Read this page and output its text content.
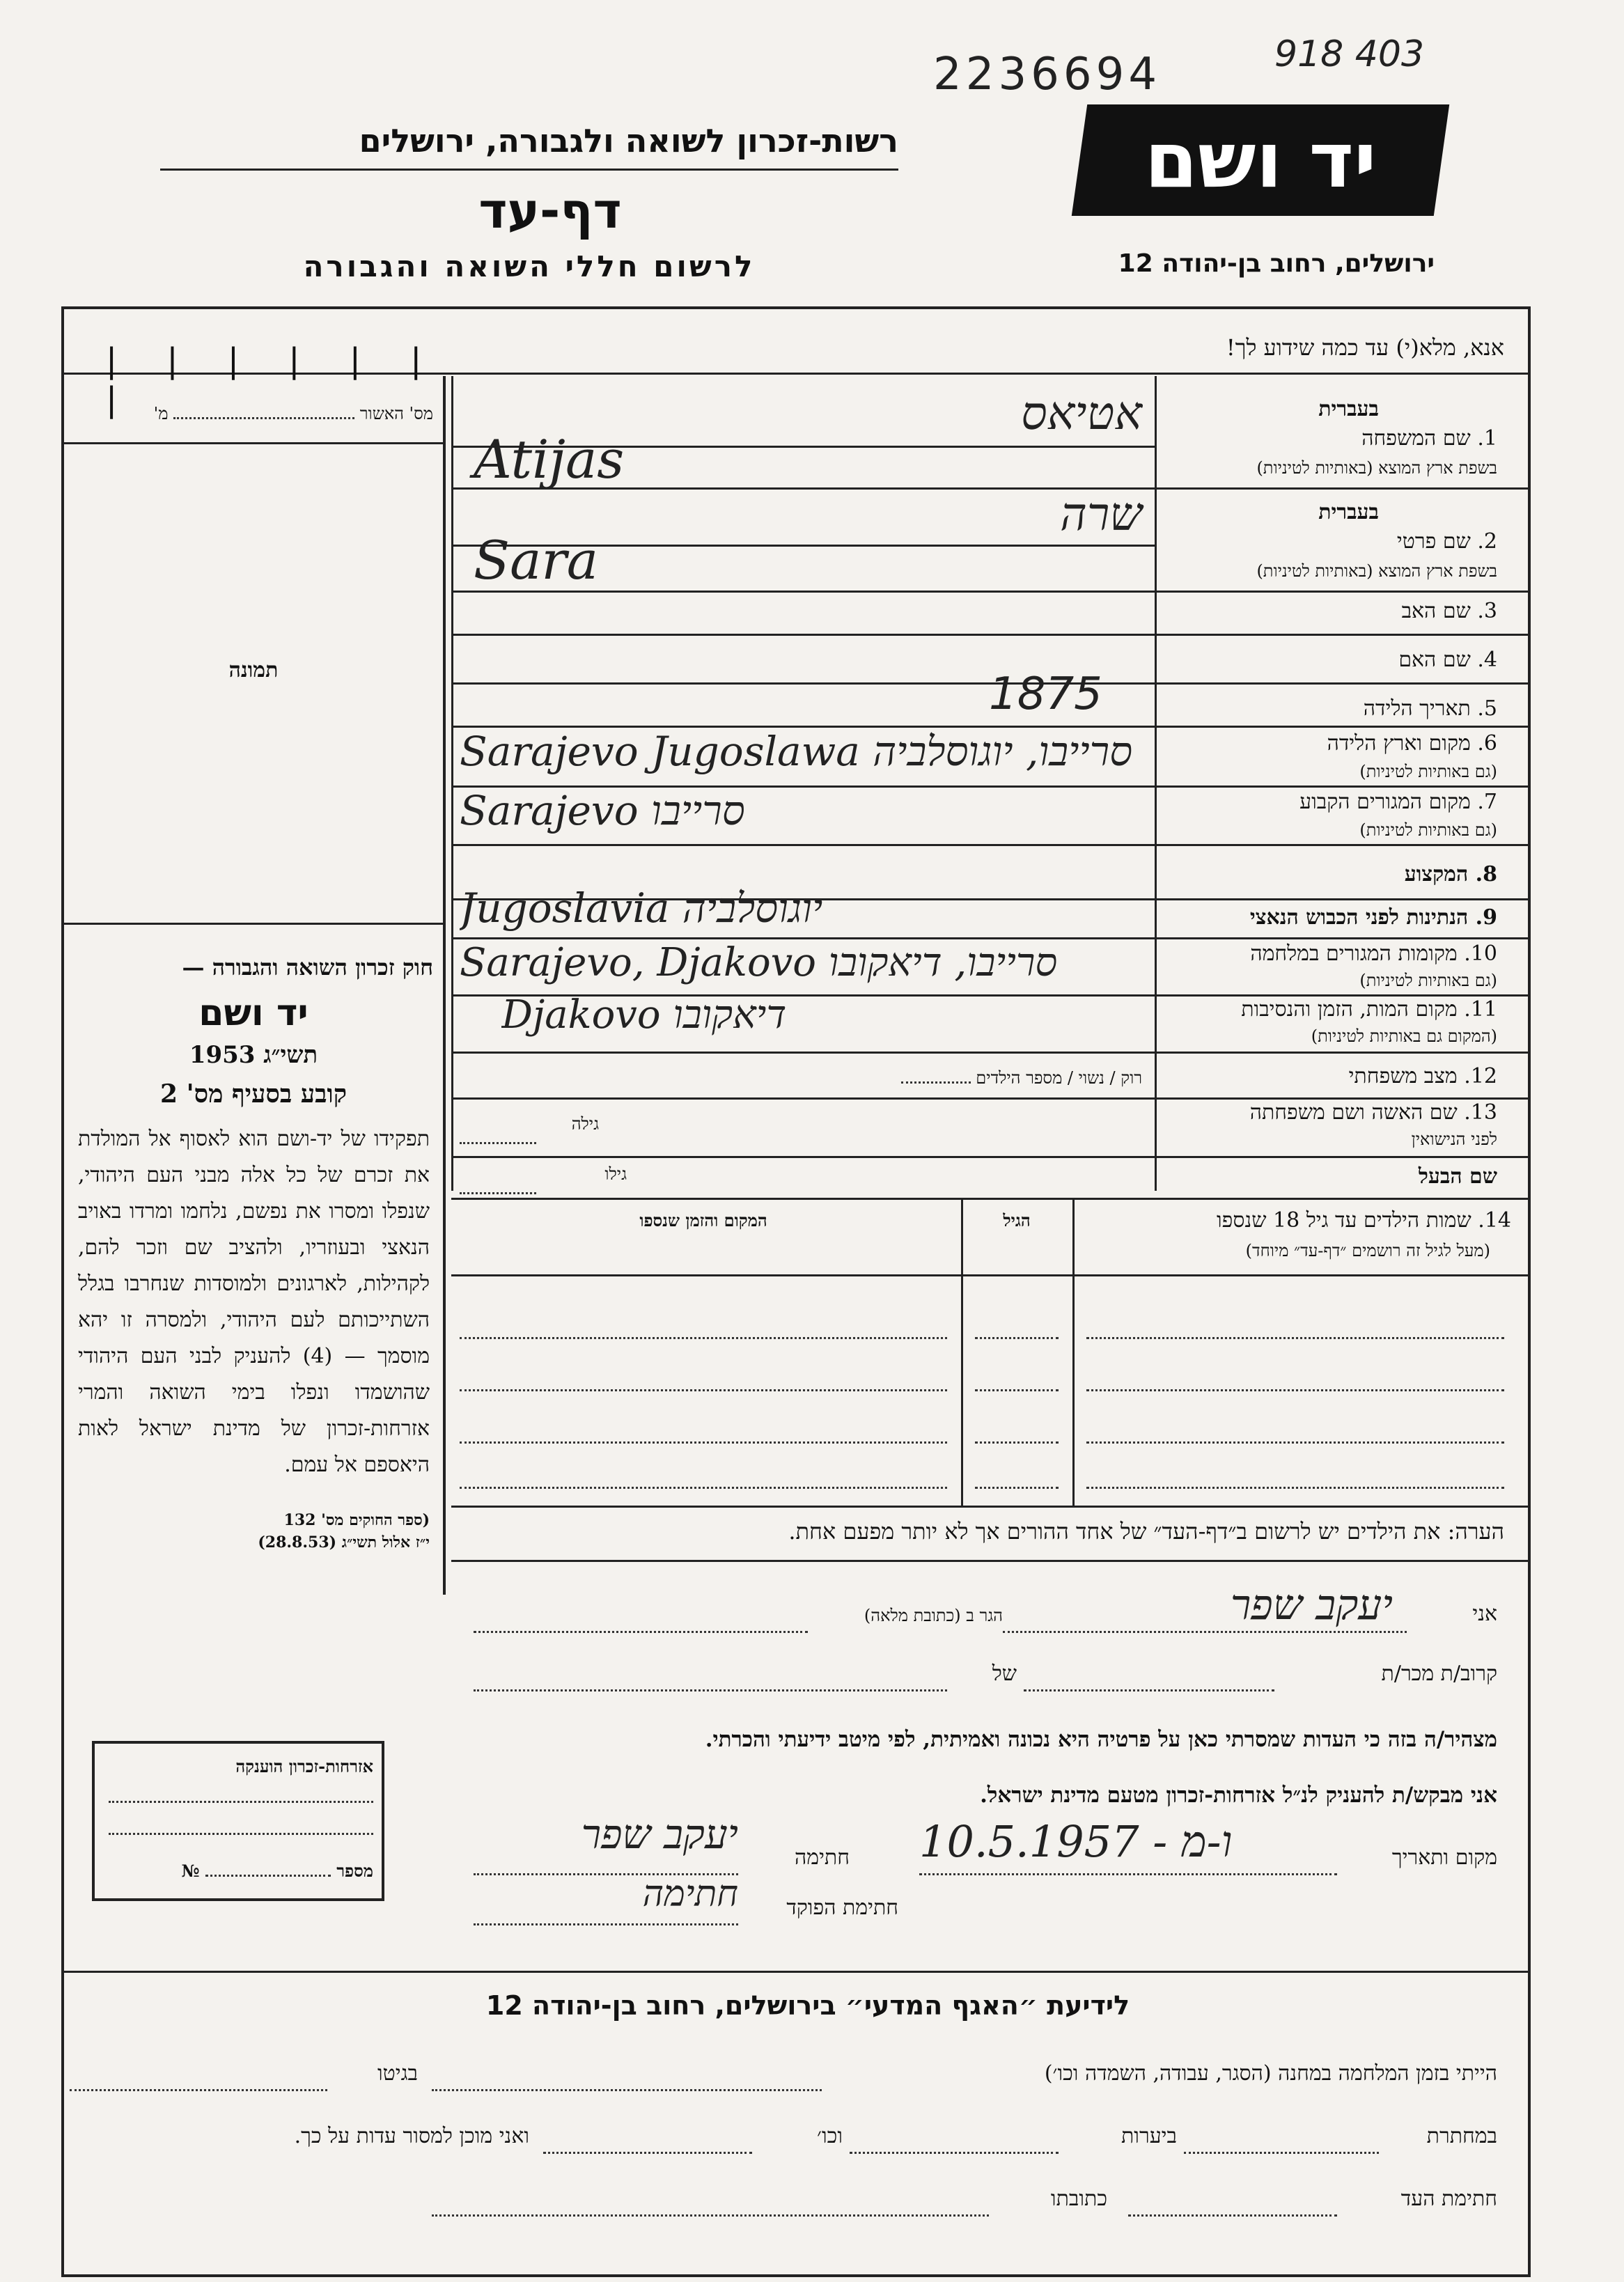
2236694	918 403
רשות-זכרון לשואה ולגבורה, ירושלים
דף-עד
לרשום חללי השואה והגבורה
יד ושם
ירושלים, רחוב בן-יהודה 12
אנא, מלא(י) עד כמה שידוע לך!
| | | | | | |	מס' האשור  מ'
תמונה
חוק זכרון השואה והגבורה —
יד ושם
תשי״ג 1953
קובע בסעיף מס' 2
תפקידו של יד-ושם הוא לאסוף אל המולדת את זכרם של כל אלה מבני העם היהודי, שנפלו ומסרו את נפשם, נלחמו ומרדו באויב הנאצי ובעוזריו, ולהציב שם וזכר להם, לקהילות, לארגונים ולמוסדות שנחרבו בגלל השתייכותם לעם היהודי, ולמסרה זו יהא מוסמך — (4) להעניק לבני העם היהודי שהושמדו ונפלו בימי השואה והמרי אזרחות-זכרון של מדינת ישראל לאות היאספם אל עמם.
(ספר החוקים מס' 132
י״ז אלול תשי״ג (28.8.53)
בעברית
1. שם המשפחה
בשפת ארץ המוצא (באותיות לטיניות)
אטיאס
Atijas
בעברית
2. שם פרטי
בשפת ארץ המוצא (באותיות לטיניות)
שרה
Sara
3. שם האב
4. שם האם
5. תאריך הלידה
1875
6. מקום וארץ הלידה
(גם באותיות לטיניות)
Sarajevo Jugoslawa סרייבו, יוגוסלביה
7. מקום המגורים הקבוע
(גם באותיות לטיניות)
Sarajevo סרייבו
8. המקצוע
9. הנתינות לפני הכבוש הנאצי
Jugoslavia יוגוסלביה
10. מקומות המגורים במלחמה
(גם באותיות לטיניות)
Sarajevo, Djakovo סרייבו, דיאקובו
11. מקום המות, הזמן והנסיבות
(המקום גם באותיות לטיניות)
Djakovo דיאקובו
12. מצב משפחתי
רוק / נשוי / מספר הילדים
13. שם האשה ושם משפחתה
לפני הנישואין
גילה
שם הבעל
גילו
14. שמות הילדים עד גיל 18 שנספו
(מעל לגיל זה רושמים ״דף-עד״ מיוחד)
הגיל
המקום והזמן שנספו
הערה: את הילדים יש לרשום ב״דף-העד״ של אחד ההורים אך לא יותר מפעם אחת.
אני
יעקב שפר
הגר ב (כתובת מלאה)
קרוב/ת מכר/ת
של
מצהיר/ה בזה כי העדות שמסרתי כאן על פרטיה היא נכונה ואמיתית, לפי מיטב ידיעתי והכרתי.
אני מבקש/ת להעניק לנ״ל אזרחות-זכרון מטעם מדינת ישראל.
מקום ותאריך
10.5.1957 - ו-מ
חתימה
יעקב שפר
חתימת הפוקד
חתימה
אזרחות-זכרון הוענקה
מספר  №
לידיעת ״האגף המדעי״ בירושלים, רחוב בן-יהודה 12
הייתי בזמן המלחמה במחנה (הסגר, עבודה, השמדה וכו׳)
בגיטו
במחתרת
ביערות
וכו׳
ואני מוכן למסור עדות על כך.
חתימת העד
כתובתו
